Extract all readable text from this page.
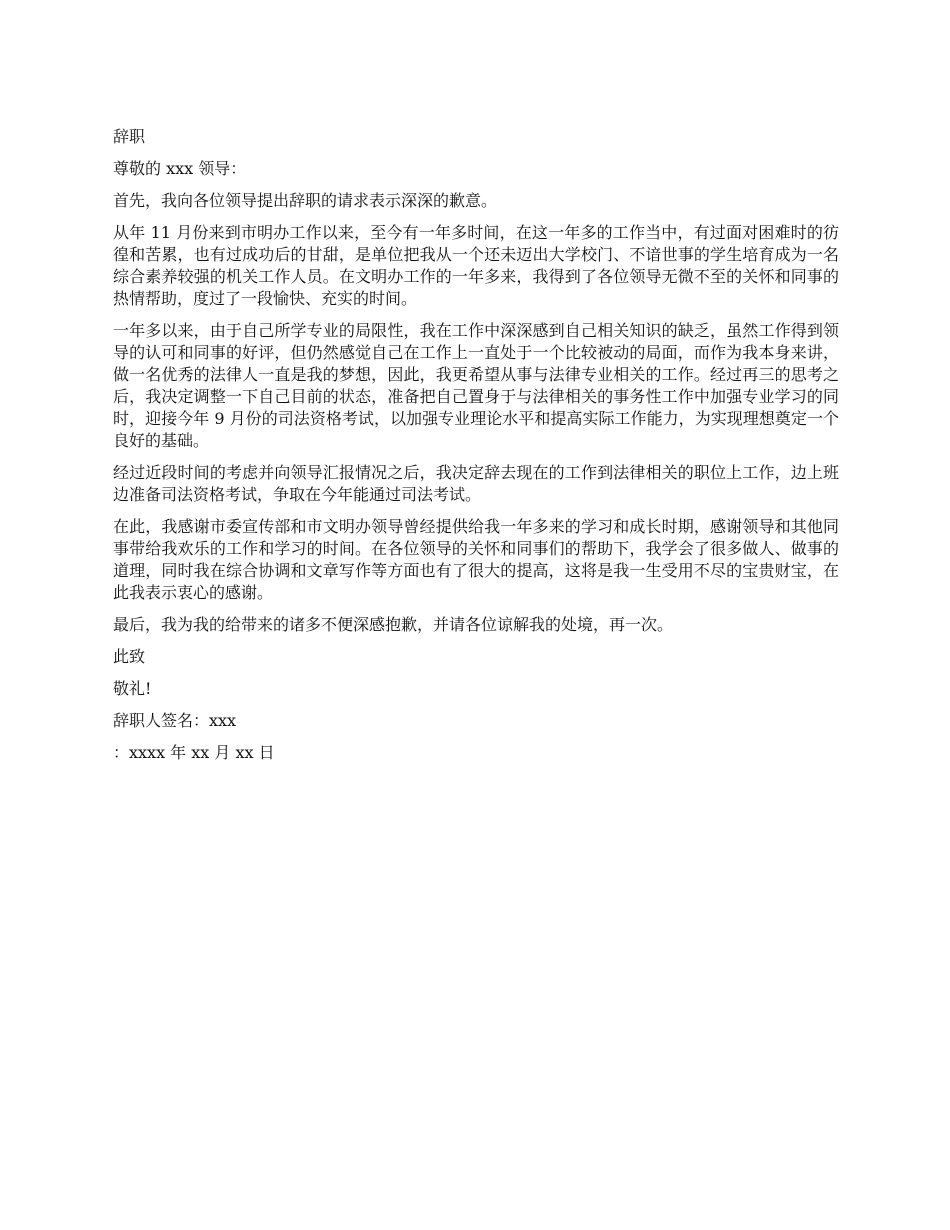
辞职

尊敬的 xxx 领导：

首先，我向各位领导提出辞职的请求表示深深的歉意。

从年 11 月份来到市明办工作以来，至今有一年多时间，在这一年多的工作当中，有过面对困难时的彷徨和苦累，也有过成功后的甘甜，是单位把我从一个还未迈出大学校门、不谙世事的学生培育成为一名综合素养较强的机关工作人员。在文明办工作的一年多来，我得到了各位领导无微不至的关怀和同事的热情帮助，度过了一段愉快、充实的时间。

一年多以来，由于自己所学专业的局限性，我在工作中深深感到自己相关知识的缺乏，虽然工作得到领导的认可和同事的好评，但仍然感觉自己在工作上一直处于一个比较被动的局面，而作为我本身来讲，做一名优秀的法律人一直是我的梦想，因此，我更希望从事与法律专业相关的工作。经过再三的思考之后，我决定调整一下自己目前的状态，准备把自己置身于与法律相关的事务性工作中加强专业学习的同时，迎接今年 9 月份的司法资格考试，以加强专业理论水平和提高实际工作能力，为实现理想奠定一个良好的基础。

经过近段时间的考虑并向领导汇报情况之后，我决定辞去现在的工作到法律相关的职位上工作，边上班边准备司法资格考试，争取在今年能通过司法考试。

在此，我感谢市委宣传部和市文明办领导曾经提供给我一年多来的学习和成长时期，感谢领导和其他同事带给我欢乐的工作和学习的时间。在各位领导的关怀和同事们的帮助下，我学会了很多做人、做事的道理，同时我在综合协调和文章写作等方面也有了很大的提高，这将是我一生受用不尽的宝贵财宝，在此我表示衷心的感谢。

最后，我为我的给带来的诸多不便深感抱歉，并请各位谅解我的处境，再一次。

此致

敬礼!

辞职人签名：xxx

：xxxx 年 xx 月 xx 日
